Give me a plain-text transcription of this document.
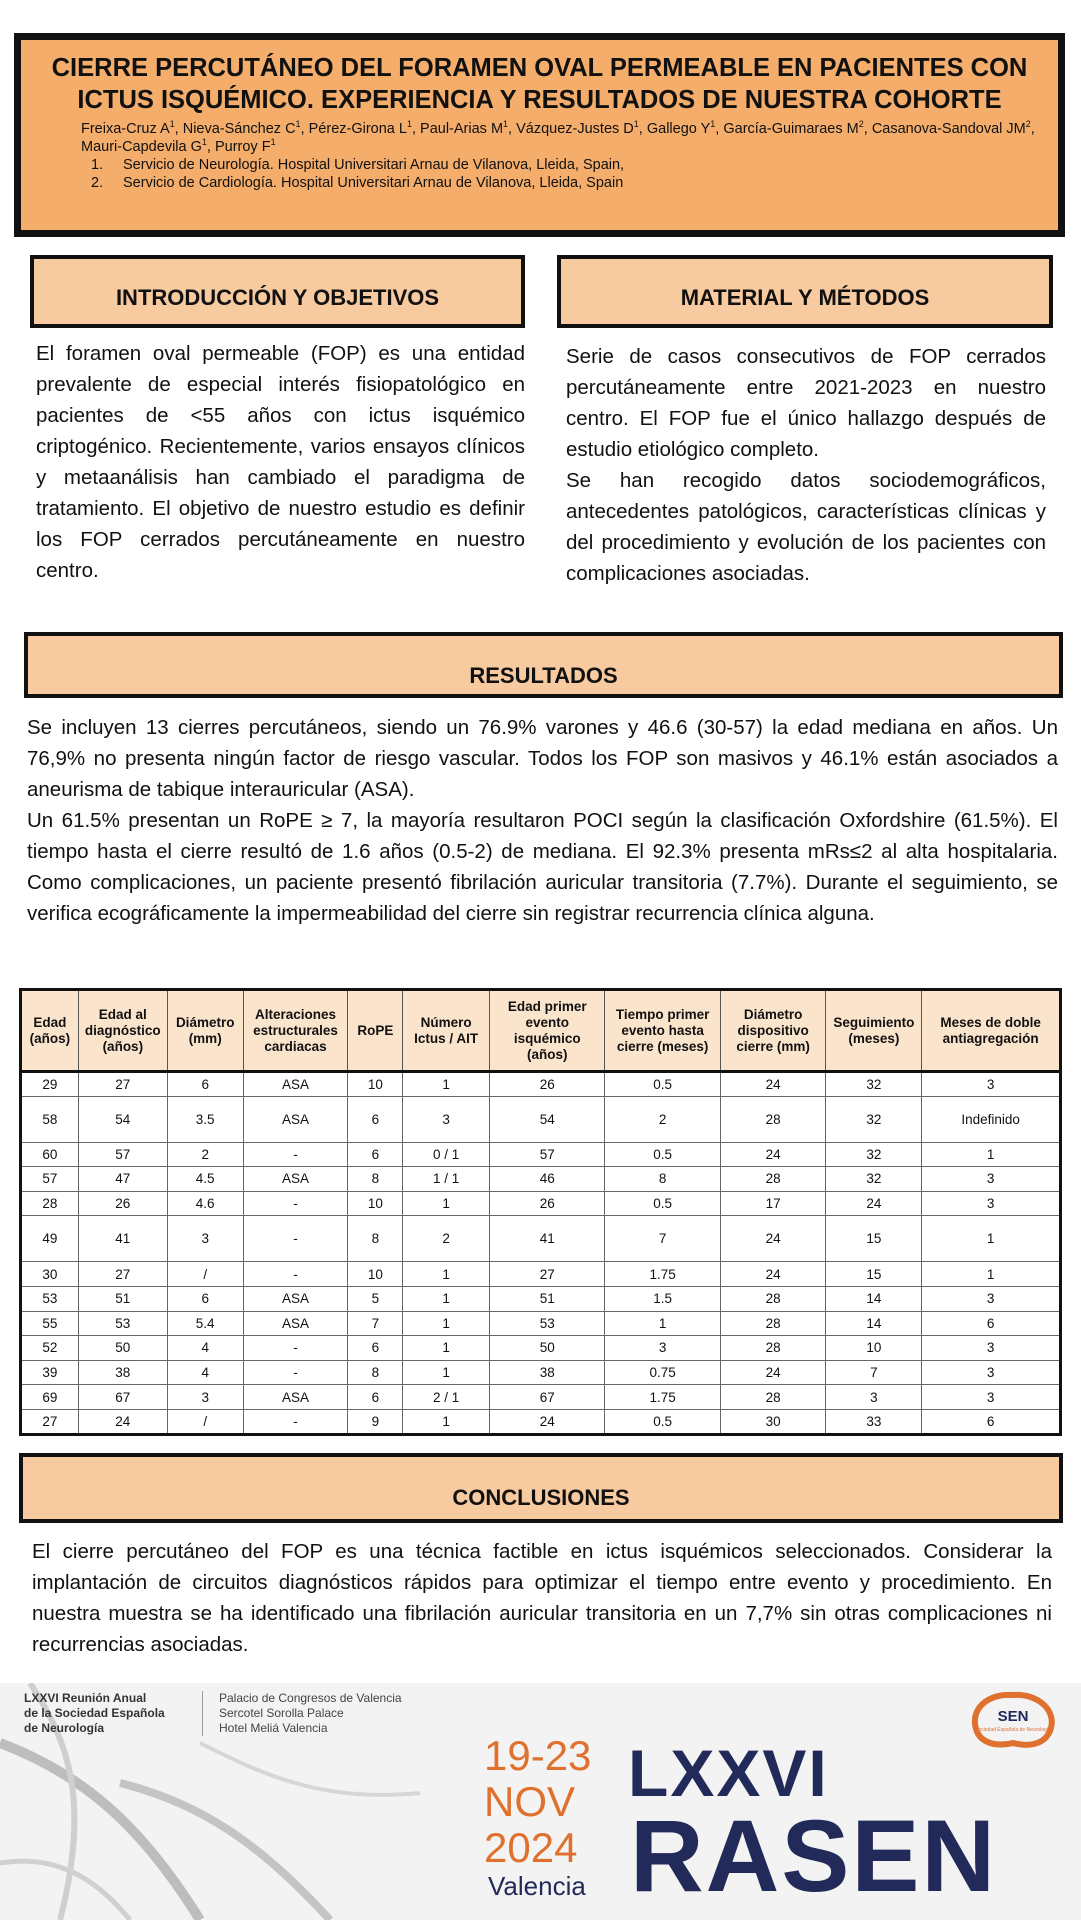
CIERRE PERCUTÁNEO DEL FORAMEN OVAL PERMEABLE EN PACIENTES CON ICTUS ISQUÉMICO. EXPERIENCIA Y RESULTADOS DE NUESTRA COHORTE
Freixa-Cruz $A^1$, Nieva-Sánchez $C^1$, Pérez-Girona $L^1$, Paul-Arias $M^1$, Vázquez-Justes $D^1$, Gallego $Y^1$, García-Guimaraes $M^2$, Casanova-Sandoval $JM^2$, Mauri-Capdevila $G^1$, Purroy $F^1$
1. Servicio de Neurología. Hospital Universitari Arnau de Vilanova, Lleida, Spain,
2. Servicio de Cardiología. Hospital Universitari Arnau de Vilanova, Lleida, Spain
INTRODUCCIÓN Y OBJETIVOS
El foramen oval permeable (FOP) es una entidad prevalente de especial interés fisiopatológico en pacientes de <55 años con ictus isquémico criptogénico. Recientemente, varios ensayos clínicos y metaanálisis han cambiado el paradigma de tratamiento. El objetivo de nuestro estudio es definir los FOP cerrados percutáneamente en nuestro centro.
MATERIAL Y MÉTODOS
Serie de casos consecutivos de FOP cerrados percutáneamente entre 2021-2023 en nuestro centro. El FOP fue el único hallazgo después de estudio etiológico completo.
Se han recogido datos sociodemográficos, antecedentes patológicos, características clínicas y del procedimiento y evolución de los pacientes con complicaciones asociadas.
RESULTADOS
Se incluyen 13 cierres percutáneos, siendo un 76.9% varones y 46.6 (30-57) la edad mediana en años. Un 76,9% no presenta ningún factor de riesgo vascular. Todos los FOP son masivos y 46.1% están asociados a aneurisma de tabique interauricular (ASA).
Un 61.5% presentan un RoPE ≥ 7, la mayoría resultaron POCI según la clasificación Oxfordshire (61.5%). El tiempo hasta el cierre resultó de 1.6 años (0.5-2) de mediana. El 92.3% presenta mRs≤2 al alta hospitalaria. Como complicaciones, un paciente presentó fibrilación auricular transitoria (7.7%). Durante el seguimiento, se verifica ecográficamente la impermeabilidad del cierre sin registrar recurrencia clínica alguna.
Edad (años)	Edad al diagnóstico (años)	Diámetro (mm)	Alteraciones estructurales cardiacas	RoPE	Número Ictus / AIT	Edad primer evento isquémico (años)	Tiempo primer evento hasta cierre (meses)	Diámetro dispositivo cierre (mm)	Seguimiento (meses)	Meses de doble antiagregación
29	27	6	ASA	10	1	26	0.5	24	32	3
58	54	3.5	ASA	6	3	54	2	28	32	Indefinido
60	57	2	-	6	0 / 1	57	0.5	24	32	1
57	47	4.5	ASA	8	1 / 1	46	8	28	32	3
28	26	4.6	-	10	1	26	0.5	17	24	3
49	41	3	-	8	2	41	7	24	15	1
30	27	/	-	10	1	27	1.75	24	15	1
53	51	6	ASA	5	1	51	1.5	28	14	3
55	53	5.4	ASA	7	1	53	1	28	14	6
52	50	4	-	6	1	50	3	28	10	3
39	38	4	-	8	1	38	0.75	24	7	3
69	67	3	ASA	6	2 / 1	67	1.75	28	3	3
27	24	/	-	9	1	24	0.5	30	33	6
CONCLUSIONES
El cierre percutáneo del FOP es una técnica factible en ictus isquémicos seleccionados. Considerar la implantación de circuitos diagnósticos rápidos para optimizar el tiempo entre evento y procedimiento. En nuestra muestra se ha identificado una fibrilación auricular transitoria en un 7,7% sin otras complicaciones ni recurrencias asociadas.
LXXVI Reunión Anual
de la Sociedad Española
de Neurología
Palacio de Congresos de Valencia
Sercotel Sorolla Palace
Hotel Meliá Valencia
19-23
NOV
2024
Valencia
LXXVI
RASEN
SEN
Sociedad Española de Neurología
